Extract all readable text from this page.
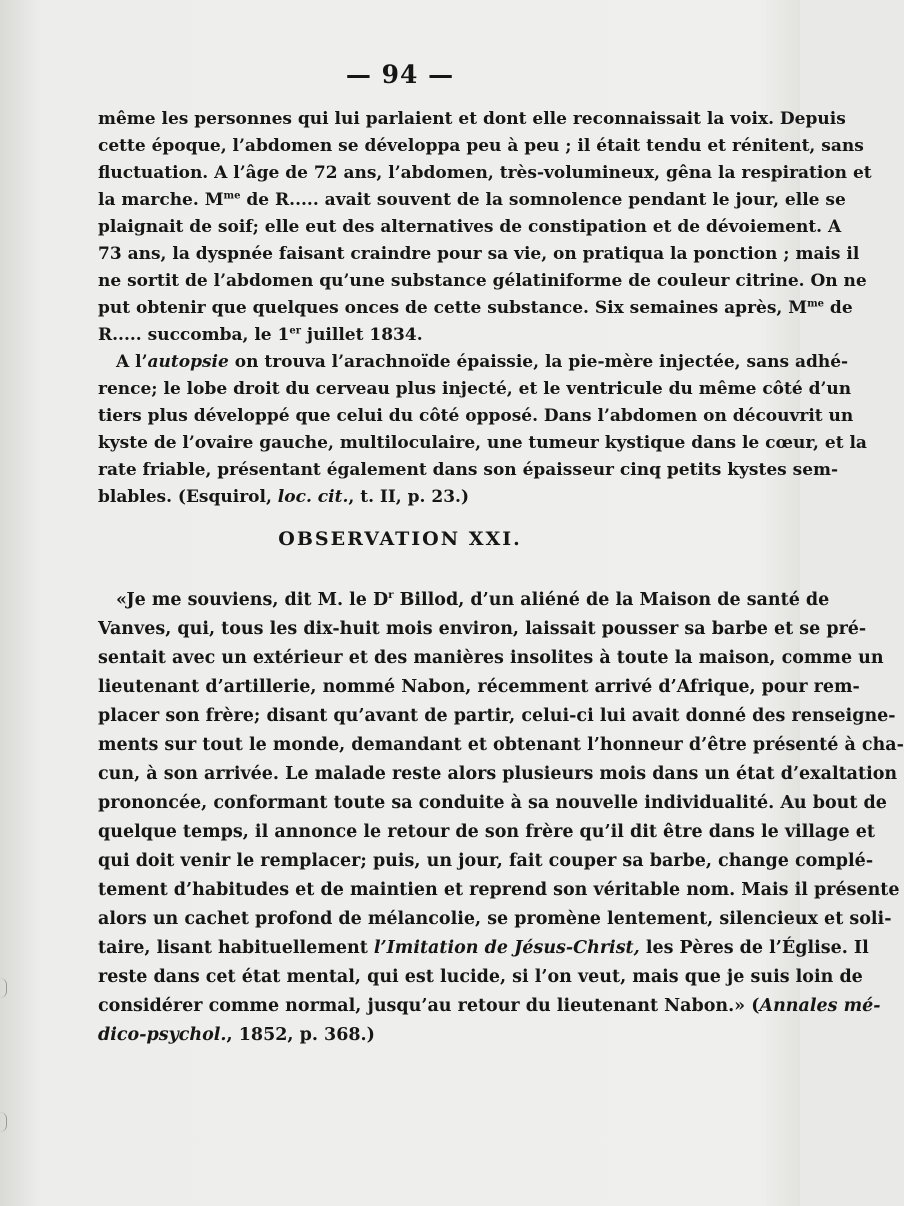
— 94 —
même les personnes qui lui parlaient et dont elle reconnaissait la voix. Depuis
cette époque, l’abdomen se développa peu à peu ; il était tendu et rénitent, sans
fluctuation. A l’âge de 72 ans, l’abdomen, très-volumineux, gêna la respiration et
la marche. $M^{me}$ de R..... avait souvent de la somnolence pendant le jour, elle se
plaignait de soif; elle eut des alternatives de constipation et de dévoiement. A
73 ans, la dyspnée faisant craindre pour sa vie, on pratiqua la ponction ; mais il
ne sortit de l’abdomen qu’une substance gélatiniforme de couleur citrine. On ne
put obtenir que quelques onces de cette substance. Six semaines après, $M^{me}$ de
R..... succomba, le 1er juillet 1834.
A l’autopsie on trouva l’arachnoïde épaissie, la pie-mère injectée, sans adhé-
rence; le lobe droit du cerveau plus injecté, et le ventricule du même côté d’un
tiers plus développé que celui du côté opposé. Dans l’abdomen on découvrit un
kyste de l’ovaire gauche, multiloculaire, une tumeur kystique dans le cœur, et la
rate friable, présentant également dans son épaisseur cinq petits kystes sem-
blables. (Esquirol, loc. cit., t. II, p. 23.)
OBSERVATION XXI.
«Je me souviens, dit M. le $D^r$ Billod, d’un aliéné de la Maison de santé de
Vanves, qui, tous les dix-huit mois environ, laissait pousser sa barbe et se pré-
sentait avec un extérieur et des manières insolites à toute la maison, comme un
lieutenant d’artillerie, nommé Nabon, récemment arrivé d’Afrique, pour rem-
placer son frère; disant qu’avant de partir, celui-ci lui avait donné des renseigne-
ments sur tout le monde, demandant et obtenant l’honneur d’être présenté à cha-
cun, à son arrivée. Le malade reste alors plusieurs mois dans un état d’exaltation
prononcée, conformant toute sa conduite à sa nouvelle individualité. Au bout de
quelque temps, il annonce le retour de son frère qu’il dit être dans le village et
qui doit venir le remplacer; puis, un jour, fait couper sa barbe, change complé-
tement d’habitudes et de maintien et reprend son véritable nom. Mais il présente
alors un cachet profond de mélancolie, se promène lentement, silencieux et soli-
taire, lisant habituellement l’Imitation de Jésus-Christ, les Pères de l’Église. Il
reste dans cet état mental, qui est lucide, si l’on veut, mais que je suis loin de
considérer comme normal, jusqu’au retour du lieutenant Nabon.» (Annales mé-
dico-psychol., 1852, p. 368.)
